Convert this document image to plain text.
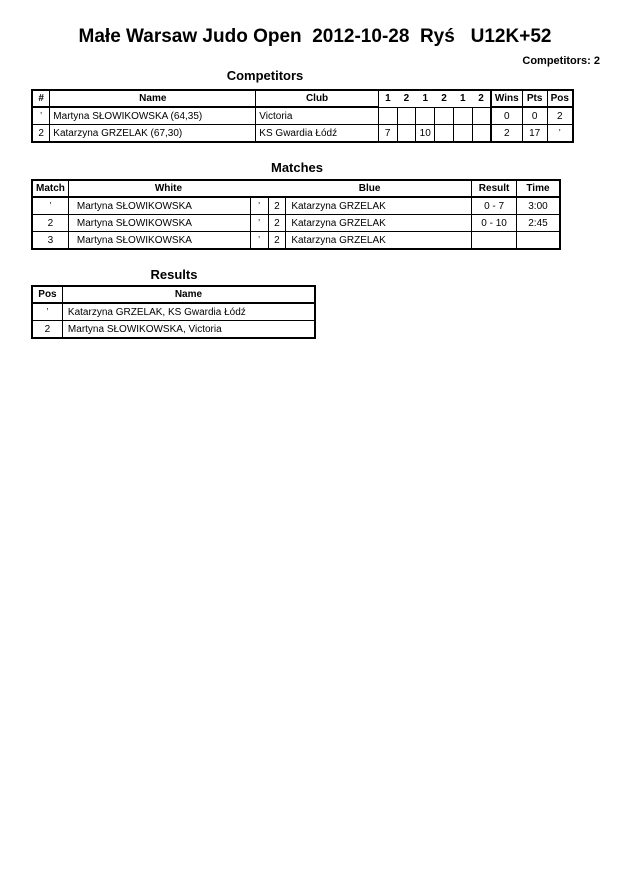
Małe Warsaw Judo Open  2012-10-28  Ryś   U12K+52
Competitors: 2
Competitors
#	Name	Club	1	2	1	2	1	2	Wins	Pts	Pos
ʼ	Martyna SŁOWIKOWSKA (64,35)	Victoria							0	0	2
2	Katarzyna GRZELAK (67,30)	KS Gwardia Łódź	7		10				2	17	ʼ
Matches
Match	White		Blue		Result	Time
ʼ	Martyna SŁOWIKOWSKA	ʼ	2	Katarzyna GRZELAK	0 - 7	3:00
2	Martyna SŁOWIKOWSKA	ʼ	2	Katarzyna GRZELAK	0 - 10	2:45
3	Martyna SŁOWIKOWSKA	ʼ	2	Katarzyna GRZELAK		
Results
Pos	Name
ʼ	Katarzyna GRZELAK, KS Gwardia Łódź
2	Martyna SŁOWIKOWSKA, Victoria
